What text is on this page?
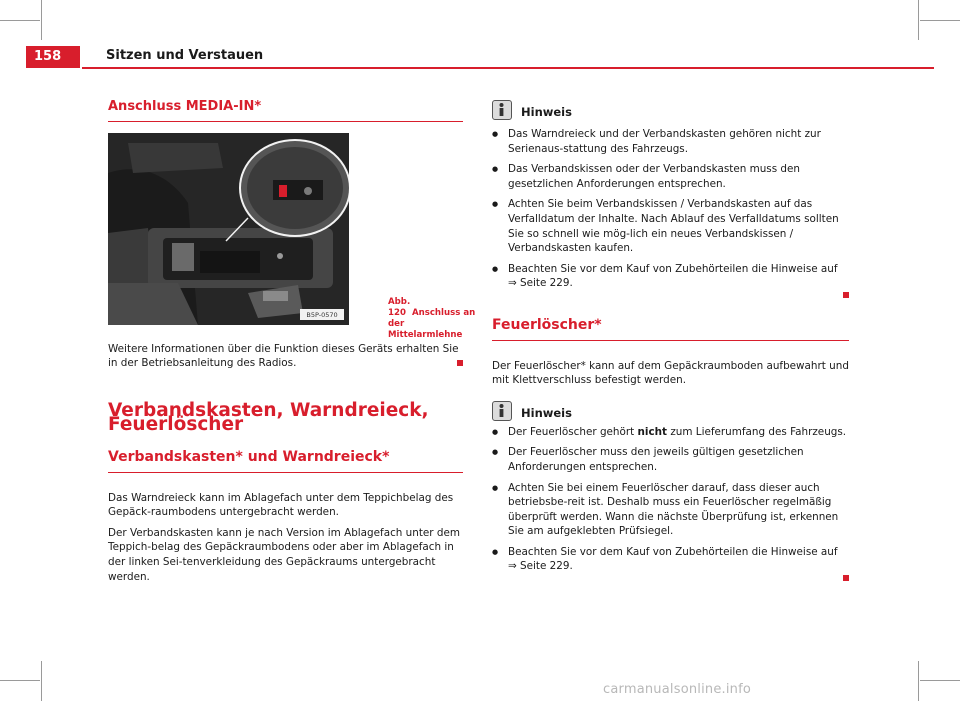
158	Sitzen und Verstauen
Anschluss MEDIA-IN*
B5P-0570
Abb. 120 Anschluss an der Mittelarmlehne

Weitere Informationen über die Funktion dieses Geräts erhalten Sie in der Betriebsanleitung des Radios.

Verbandskasten, Warndreieck, Feuerlöscher
Verbandskasten* und Warndreieck*

Das Warndreieck kann im Ablagefach unter dem Teppichbelag des Gepäck-raumbodens untergebracht werden.

Der Verbandskasten kann je nach Version im Ablagefach unter dem Teppich-belag des Gepäckraumbodens oder aber im Ablagefach in der linken Sei-tenverkleidung des Gepäckraums untergebracht werden.

Hinweis

● Das Warndreieck und der Verbandskasten gehören nicht zur Serienaus-stattung des Fahrzeugs.

● Das Verbandskissen oder der Verbandskasten muss den gesetzlichen Anforderungen entsprechen.

● Achten Sie beim Verbandskissen / Verbandskasten auf das Verfalldatum der Inhalte. Nach Ablauf des Verfalldatums sollten Sie so schnell wie mög-lich ein neues Verbandskissen / Verbandskasten kaufen.

● Beachten Sie vor dem Kauf von Zubehörteilen die Hinweise auf ⇒ Seite 229.

Feuerlöscher*

Der Feuerlöscher* kann auf dem Gepäckraumboden aufbewahrt und mit Klettverschluss befestigt werden.

Hinweis

● Der Feuerlöscher gehört nicht zum Lieferumfang des Fahrzeugs.

● Der Feuerlöscher muss den jeweils gültigen gesetzlichen Anforderungen entsprechen.

● Achten Sie bei einem Feuerlöscher darauf, dass dieser auch betriebsbe-reit ist. Deshalb muss ein Feuerlöscher regelmäßig überprüft werden. Wann die nächste Überprüfung ist, erkennen Sie am aufgeklebten Prüfsiegel.

● Beachten Sie vor dem Kauf von Zubehörteilen die Hinweise auf ⇒ Seite 229.

carmanualsonline.info
